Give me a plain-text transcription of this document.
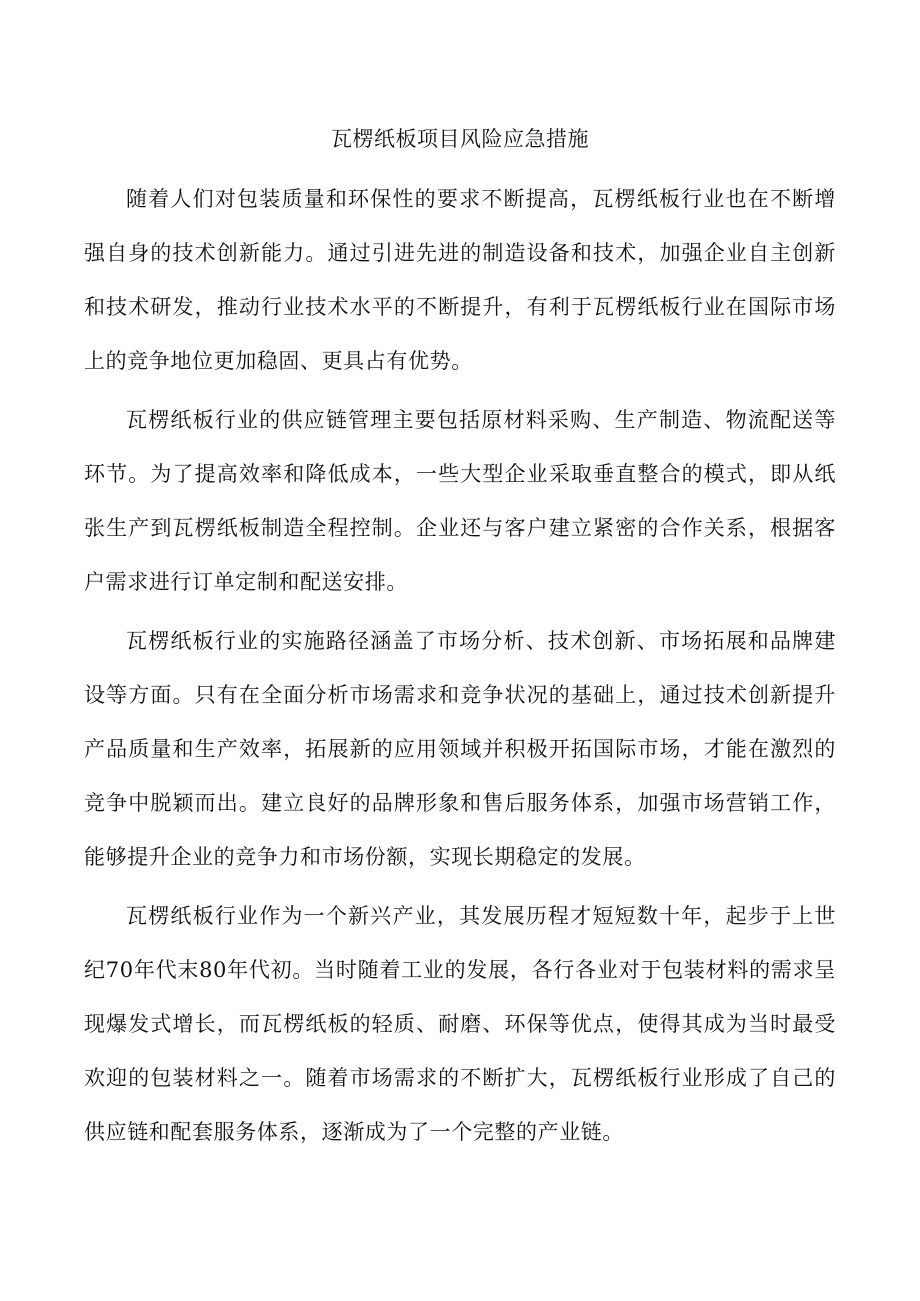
瓦楞纸板项目风险应急措施

随着人们对包装质量和环保性的要求不断提高，瓦楞纸板行业也在不断增强自身的技术创新能力。通过引进先进的制造设备和技术，加强企业自主创新和技术研发，推动行业技术水平的不断提升，有利于瓦楞纸板行业在国际市场上的竞争地位更加稳固、更具占有优势。

瓦楞纸板行业的供应链管理主要包括原材料采购、生产制造、物流配送等环节。为了提高效率和降低成本，一些大型企业采取垂直整合的模式，即从纸张生产到瓦楞纸板制造全程控制。企业还与客户建立紧密的合作关系，根据客户需求进行订单定制和配送安排。

瓦楞纸板行业的实施路径涵盖了市场分析、技术创新、市场拓展和品牌建设等方面。只有在全面分析市场需求和竞争状况的基础上，通过技术创新提升产品质量和生产效率，拓展新的应用领域并积极开拓国际市场，才能在激烈的竞争中脱颖而出。建立良好的品牌形象和售后服务体系，加强市场营销工作，能够提升企业的竞争力和市场份额，实现长期稳定的发展。

瓦楞纸板行业作为一个新兴产业，其发展历程才短短数十年，起步于上世纪70年代末80年代初。当时随着工业的发展，各行各业对于包装材料的需求呈现爆发式增长，而瓦楞纸板的轻质、耐磨、环保等优点，使得其成为当时最受欢迎的包装材料之一。随着市场需求的不断扩大，瓦楞纸板行业形成了自己的供应链和配套服务体系，逐渐成为了一个完整的产业链。
